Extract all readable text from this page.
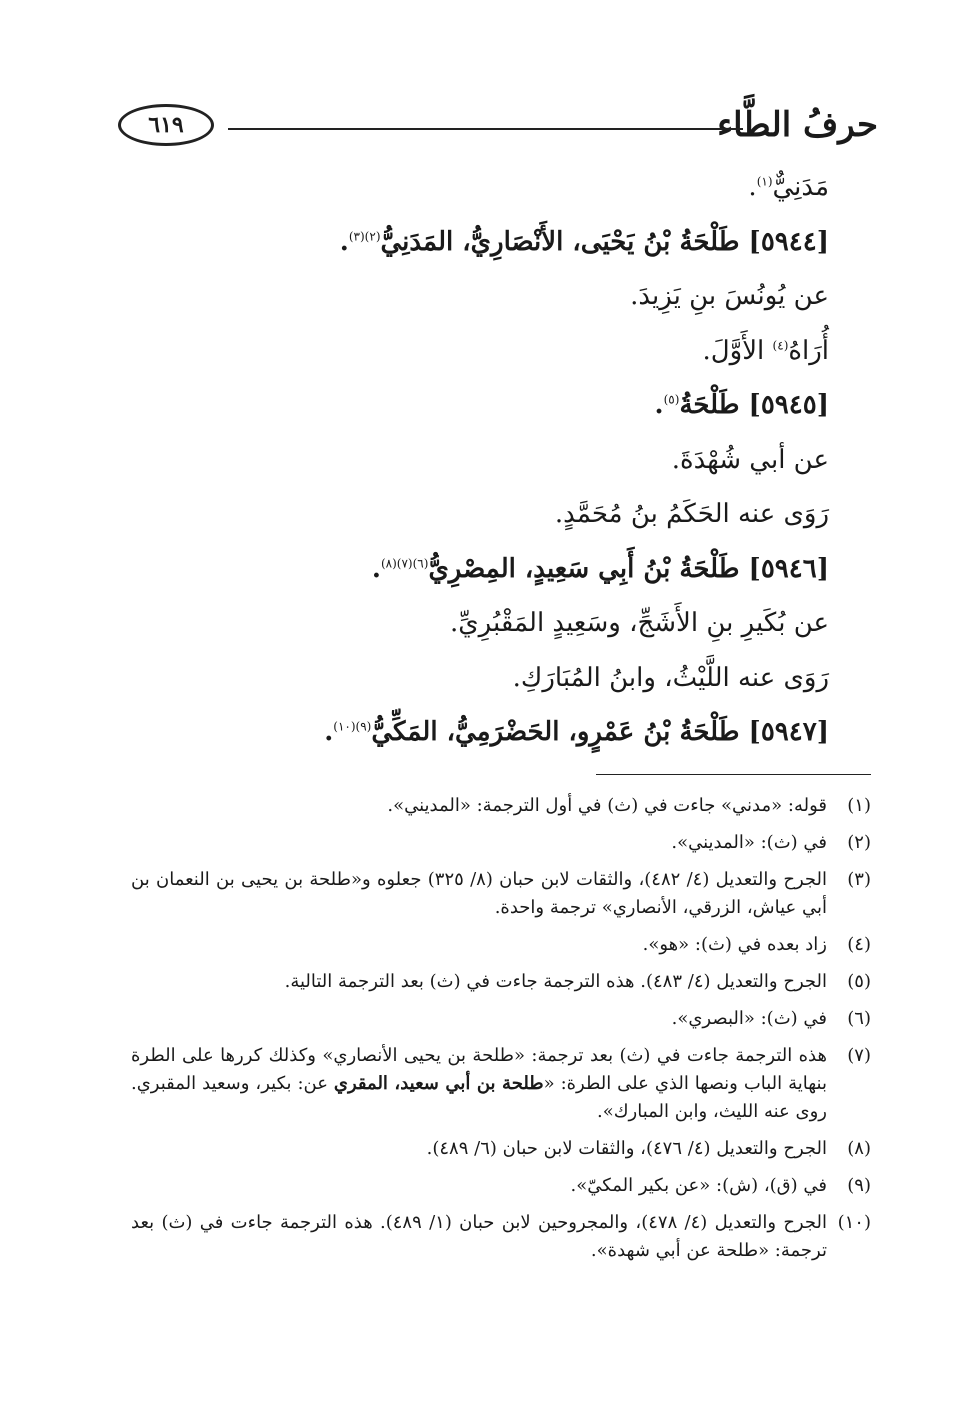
حرفُ الطَّاء
٦١٩
مَدَنِيٌّ$^{(١)}$.
[٥٩٤٤] طَلْحَةُ بْنُ يَحْيَى، الأَنْصَارِيُّ، المَدَنِيُّ$^{(٢)(٣)}$.
عن يُونُسَ بنِ يَزِيدَ.
أُرَاهُ$^{(٤)}$ الأَوَّلَ.
[٥٩٤٥] طَلْحَةُ$^{(٥)}$.
عن أبي شُهْدَةَ.
رَوَى عنه الحَكَمُ بنُ مُحَمَّدٍ.
[٥٩٤٦] طَلْحَةُ بْنُ أَبِي سَعِيدٍ، المِصْرِيُّ$^{(٦)(٧)(٨)}$.
عن بُكَيرِ بنِ الأَشَجِّ، وسَعِيدٍ المَقْبُرِيِّ.
رَوَى عنه اللَّيْثُ، وابنُ المُبَارَكِ.
[٥٩٤٧] طَلْحَةُ بْنُ عَمْرٍو، الحَضْرَمِيُّ، المَكِّيُّ$^{(٩)(١٠)}$.
(١)
قوله: «مدني» جاءت في (ث) في أول الترجمة: «المديني».
(٢)
في (ث): «المديني».
(٣)
الجرح والتعديل (٤/ ٤٨٢)، والثقات لابن حبان (٨/ ٣٢٥) جعلوه و«طلحة بن يحيى بن النعمان بن أبي عياش، الزرقي، الأنصاري» ترجمة واحدة.
(٤)
زاد بعده في (ث): «هو».
(٥)
الجرح والتعديل (٤/ ٤٨٣). هذه الترجمة جاءت في (ث) بعد الترجمة التالية.
(٦)
في (ث): «البصري».
(٧)
هذه الترجمة جاءت في (ث) بعد ترجمة: «طلحة بن يحيى الأنصاري» وكذلك كررها على الطرة بنهاية الباب ونصها الذي على الطرة: «طلحة بن أبي سعيد، المقري عن: بكير، وسعيد المقبري. روى عنه الليث، وابن المبارك».
(٨)
الجرح والتعديل (٤/ ٤٧٦)، والثقات لابن حبان (٦/ ٤٨٩).
(٩)
في (ق)، (ش): «عن بكير المكيّ».
(١٠)
الجرح والتعديل (٤/ ٤٧٨)، والمجروحين لابن حبان (١/ ٤٨٩). هذه الترجمة جاءت في (ث) بعد ترجمة: «طلحة عن أبي شهدة».
